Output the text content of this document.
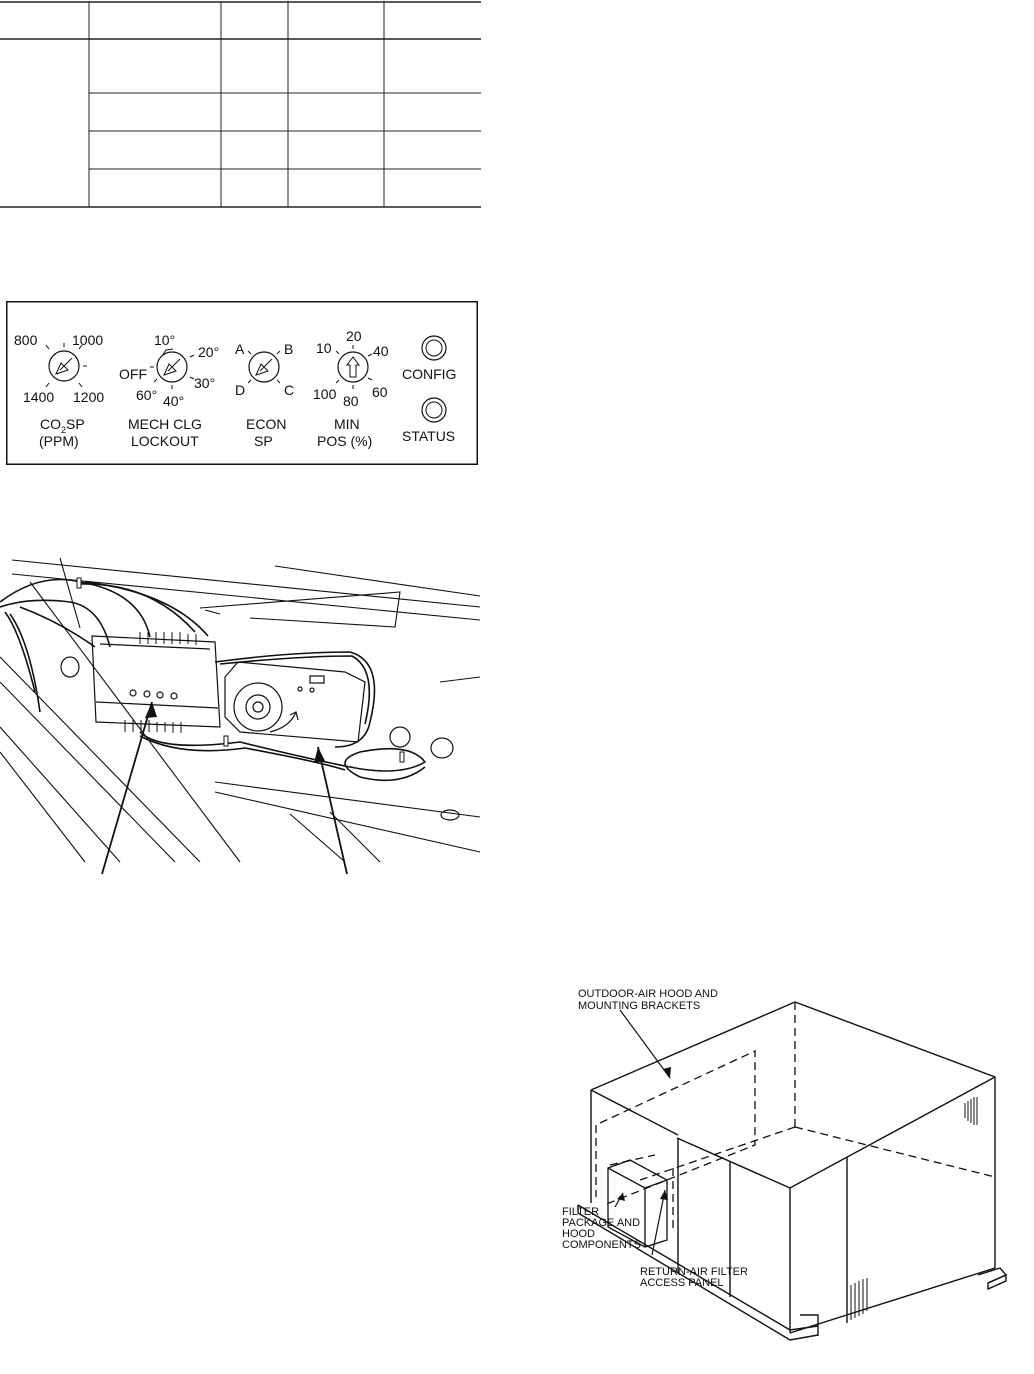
800 1000
1400 1200
$CO_2SP$
(PPM)
10°
20°
OFF
30°
60° 40°
MECH CLG
LOCKOUT
A	B
D	C
ECON
SP
10
20
40
60
80
100
MIN
POS (%)
CONFIG
STATUS
OUTDOOR-AIR HOOD AND
MOUNTING BRACKETS
FILTER
PACKAGE AND
HOOD
COMPONENTS
RETURN-AIR FILTER
ACCESS PANEL
